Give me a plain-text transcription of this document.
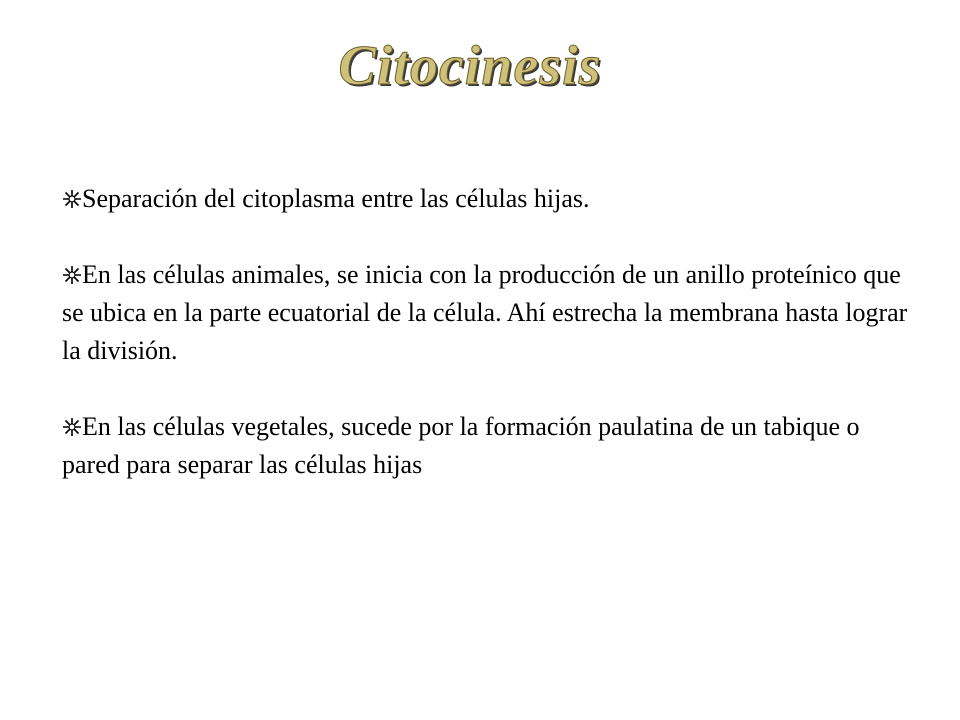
Citocinesis

Separación del citoplasma entre las células hijas.

En las células animales, se inicia con la producción de un anillo proteínico que se ubica en la parte ecuatorial de la célula. Ahí estrecha la membrana hasta lograr la división.

En las células vegetales, sucede por la formación paulatina de un tabique o pared para separar las células hijas
